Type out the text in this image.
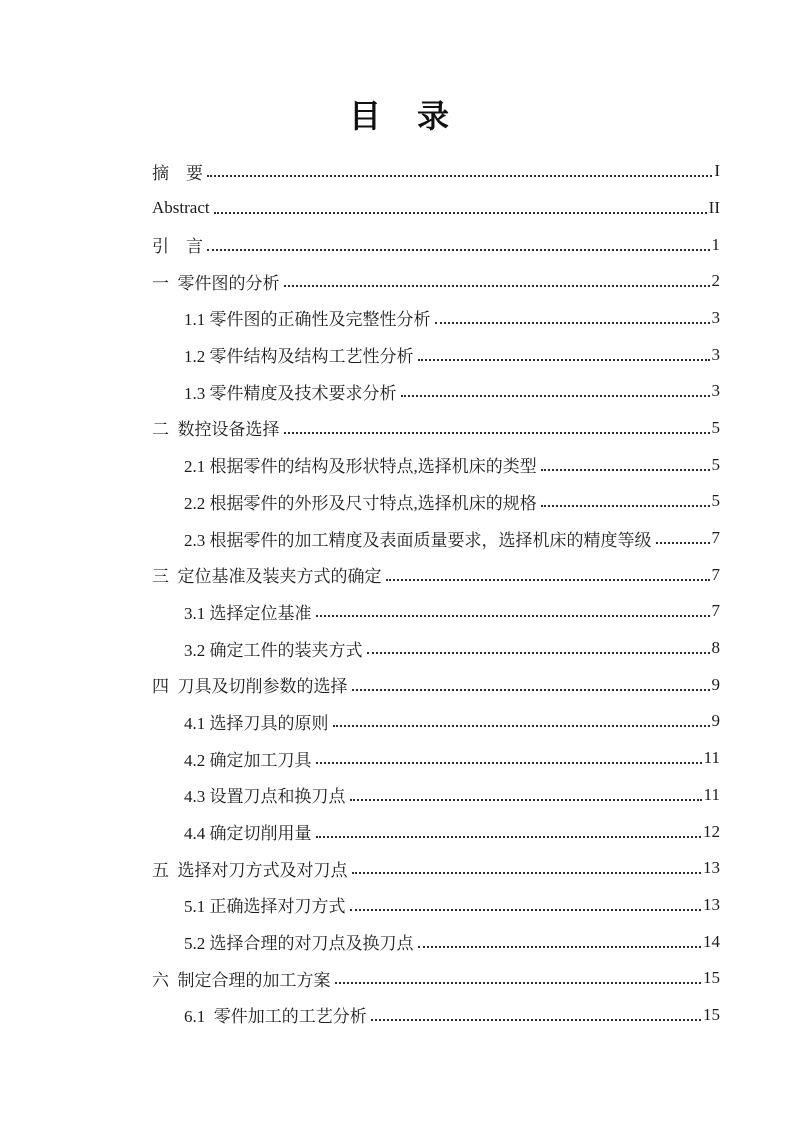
目　录
摘　要	I
Abstract	II
引　言	1
一  零件图的分析	2
1.1 零件图的正确性及完整性分析	3
1.2 零件结构及结构工艺性分析	3
1.3 零件精度及技术要求分析	3
二  数控设备选择	5
2.1 根据零件的结构及形状特点,选择机床的类型	5
2.2 根据零件的外形及尺寸特点,选择机床的规格	5
2.3 根据零件的加工精度及表面质量要求，选择机床的精度等级	7
三  定位基准及装夹方式的确定	7
3.1 选择定位基准	7
3.2 确定工件的装夹方式	8
四  刀具及切削参数的选择	9
4.1 选择刀具的原则	9
4.2 确定加工刀具	11
4.3 设置刀点和换刀点	11
4.4 确定切削用量	12
五  选择对刀方式及对刀点	13
5.1 正确选择对刀方式	13
5.2 选择合理的对刀点及换刀点	14
六  制定合理的加工方案	15
6.1  零件加工的工艺分析	15
